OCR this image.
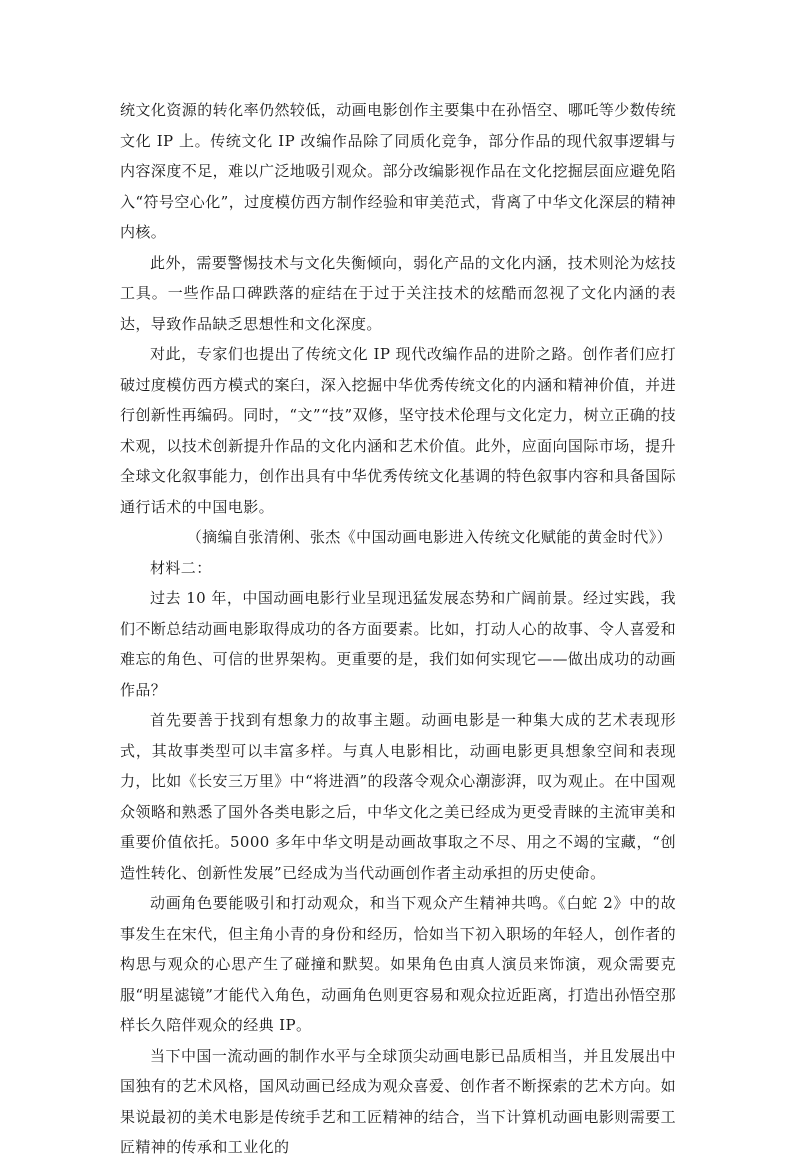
统文化资源的转化率仍然较低，动画电影创作主要集中在孙悟空、哪吒等少数传统文化 IP 上。传统文化 IP 改编作品除了同质化竞争，部分作品的现代叙事逻辑与内容深度不足，难以广泛地吸引观众。部分改编影视作品在文化挖掘层面应避免陷入“符号空心化”，过度模仿西方制作经验和审美范式，背离了中华文化深层的精神内核。

此外，需要警惕技术与文化失衡倾向，弱化产品的文化内涵，技术则沦为炫技工具。一些作品口碑跌落的症结在于过于关注技术的炫酷而忽视了文化内涵的表达，导致作品缺乏思想性和文化深度。

对此，专家们也提出了传统文化 IP 现代改编作品的进阶之路。创作者们应打破过度模仿西方模式的案臼，深入挖掘中华优秀传统文化的内涵和精神价值，并进行创新性再编码。同时，“文”“技”双修，坚守技术伦理与文化定力，树立正确的技术观，以技术创新提升作品的文化内涵和艺术价值。此外，应面向国际市场，提升全球文化叙事能力，创作出具有中华优秀传统文化基调的特色叙事内容和具备国际通行话术的中国电影。

（摘编自张清俐、张杰《中国动画电影进入传统文化赋能的黄金时代》）

材料二：

过去 10 年，中国动画电影行业呈现迅猛发展态势和广阔前景。经过实践，我们不断总结动画电影取得成功的各方面要素。比如，打动人心的故事、令人喜爱和难忘的角色、可信的世界架构。更重要的是，我们如何实现它——做出成功的动画作品？

首先要善于找到有想象力的故事主题。动画电影是一种集大成的艺术表现形式，其故事类型可以丰富多样。与真人电影相比，动画电影更具想象空间和表现力，比如《长安三万里》中“将进酒”的段落令观众心潮澎湃，叹为观止。在中国观众领略和熟悉了国外各类电影之后，中华文化之美已经成为更受青睐的主流审美和重要价值依托。5000 多年中华文明是动画故事取之不尽、用之不竭的宝藏，“创造性转化、创新性发展”已经成为当代动画创作者主动承担的历史使命。

动画角色要能吸引和打动观众，和当下观众产生精神共鸣。《白蛇 2》中的故事发生在宋代，但主角小青的身份和经历，恰如当下初入职场的年轻人，创作者的构思与观众的心思产生了碰撞和默契。如果角色由真人演员来饰演，观众需要克服“明星滤镜”才能代入角色，动画角色则更容易和观众拉近距离，打造出孙悟空那样长久陪伴观众的经典 IP。

当下中国一流动画的制作水平与全球顶尖动画电影已品质相当，并且发展出中国独有的艺术风格，国风动画已经成为观众喜爱、创作者不断探索的艺术方向。如果说最初的美术电影是传统手艺和工匠精神的结合，当下计算机动画电影则需要工匠精神的传承和工业化的
